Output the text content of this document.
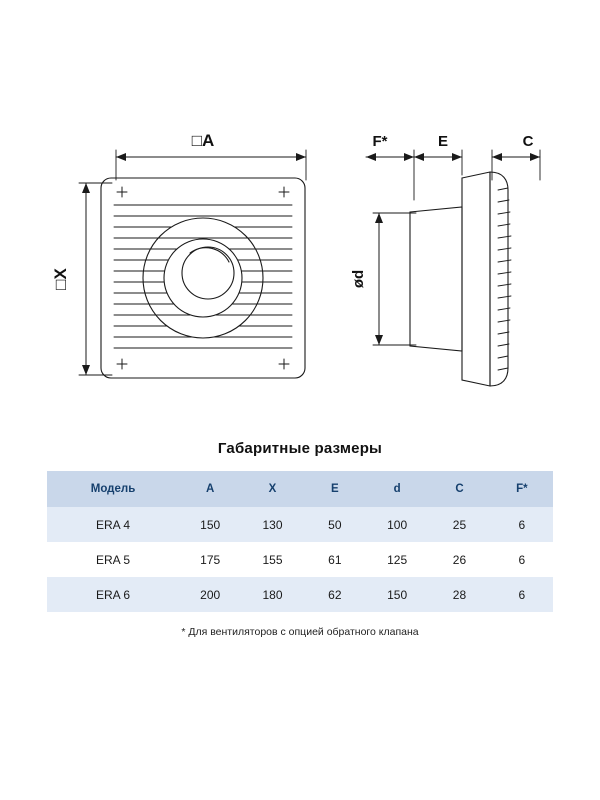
□A
□X
F*	E	C
ød
Габаритные размеры
Модель	A	X	E	d	C	F*
ERA 4	150	130	50	100	25	6
ERA 5	175	155	61	125	26	6
ERA 6	200	180	62	150	28	6
* Для вентиляторов с опцией обратного клапана
